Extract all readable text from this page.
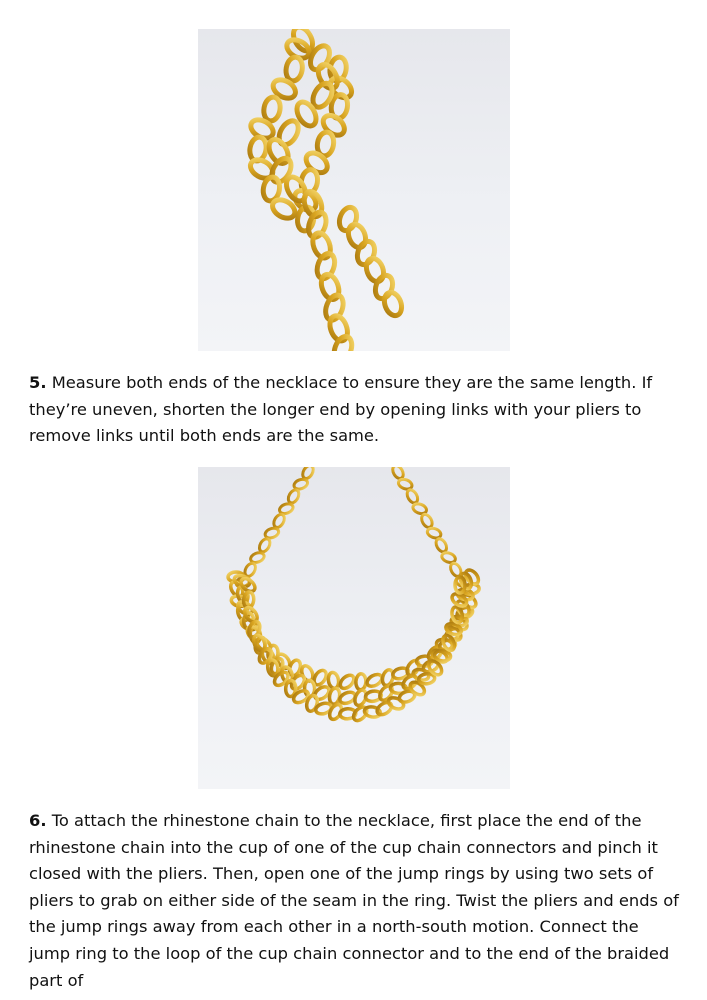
5. Measure both ends of the necklace to ensure they are the same length. If they’re uneven, shorten the longer end by opening links with your pliers to remove links until both ends are the same.

6. To attach the rhinestone chain to the necklace, first place the end of the rhinestone chain into the cup of one of the cup chain connectors and pinch it closed with the pliers. Then, open one of the jump rings by using two sets of pliers to grab on either side of the seam in the ring. Twist the pliers and ends of the jump rings away from each other in a north-south motion. Connect the jump ring to the loop of the cup chain connector and to the end of the braided part of
